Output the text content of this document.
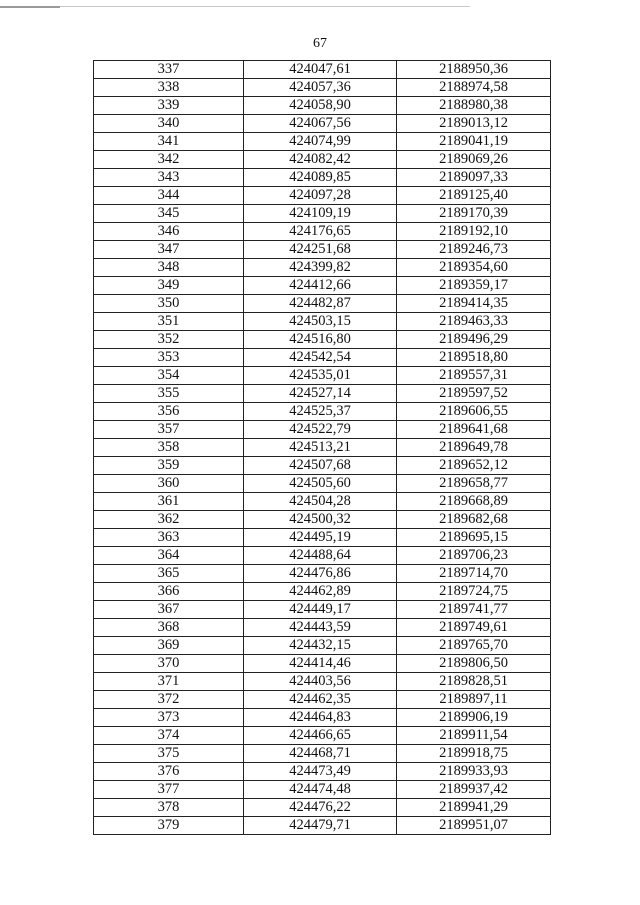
67
337	424047,61	2188950,36
338	424057,36	2188974,58
339	424058,90	2188980,38
340	424067,56	2189013,12
341	424074,99	2189041,19
342	424082,42	2189069,26
343	424089,85	2189097,33
344	424097,28	2189125,40
345	424109,19	2189170,39
346	424176,65	2189192,10
347	424251,68	2189246,73
348	424399,82	2189354,60
349	424412,66	2189359,17
350	424482,87	2189414,35
351	424503,15	2189463,33
352	424516,80	2189496,29
353	424542,54	2189518,80
354	424535,01	2189557,31
355	424527,14	2189597,52
356	424525,37	2189606,55
357	424522,79	2189641,68
358	424513,21	2189649,78
359	424507,68	2189652,12
360	424505,60	2189658,77
361	424504,28	2189668,89
362	424500,32	2189682,68
363	424495,19	2189695,15
364	424488,64	2189706,23
365	424476,86	2189714,70
366	424462,89	2189724,75
367	424449,17	2189741,77
368	424443,59	2189749,61
369	424432,15	2189765,70
370	424414,46	2189806,50
371	424403,56	2189828,51
372	424462,35	2189897,11
373	424464,83	2189906,19
374	424466,65	2189911,54
375	424468,71	2189918,75
376	424473,49	2189933,93
377	424474,48	2189937,42
378	424476,22	2189941,29
379	424479,71	2189951,07
